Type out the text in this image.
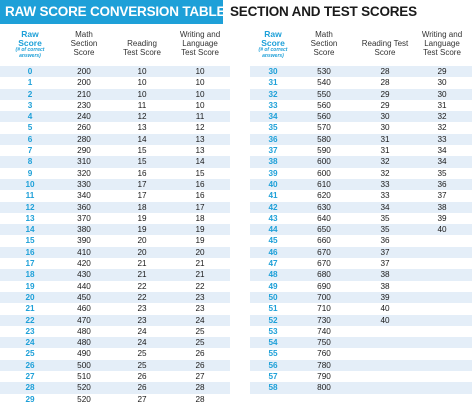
RAW SCORE CONVERSION TABLE 1
SECTION AND TEST SCORES
Raw
Score
(# of correct
answers)
Math
Section
Score
Reading
Test Score
Writing and
Language
Test Score
0	200	10	10
1	200	10	10
2	210	10	10
3	230	11	10
4	240	12	11
5	260	13	12
6	280	14	13
7	290	15	13
8	310	15	14
9	320	16	15
10	330	17	16
11	340	17	16
12	360	18	17
13	370	19	18
14	380	19	19
15	390	20	19
16	410	20	20
17	420	21	21
18	430	21	21
19	440	22	22
20	450	22	23
21	460	23	23
22	470	23	24
23	480	24	25
24	480	24	25
25	490	25	26
26	500	25	26
27	510	26	27
28	520	26	28
29	520	27	28
Raw
Score
(# of correct
answers)
Math
Section
Score
Reading Test
Score
Writing and
Language
Test Score
30	530	28	29
31	540	28	30
32	550	29	30
33	560	29	31
34	560	30	32
35	570	30	32
36	580	31	33
37	590	31	34
38	600	32	34
39	600	32	35
40	610	33	36
41	620	33	37
42	630	34	38
43	640	35	39
44	650	35	40
45	660	36
46	670	37
47	670	37
48	680	38
49	690	38
50	700	39
51	710	40
52	730	40
53	740
54	750
55	760
56	780
57	790
58	800
